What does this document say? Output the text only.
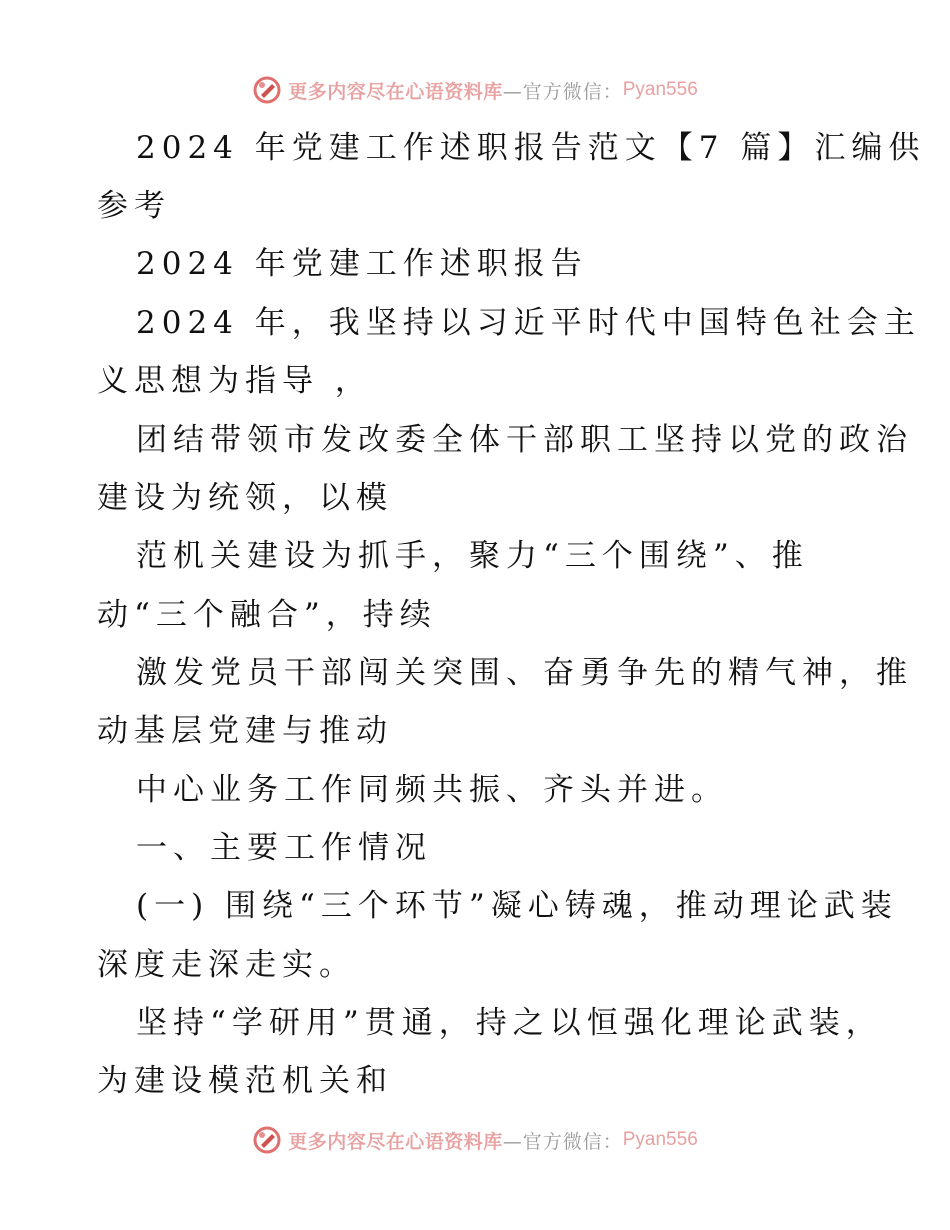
更多内容尽在心语资料库 —官方微信： Pyan556
2024 年党建工作述职报告范文【7 篇】汇编供
参考
2024 年党建工作述职报告
2024 年，我坚持以习近平时代中国特色社会主
义思想为指导 ，
团结带领市发改委全体干部职工坚持以党的政治
建设为统领，以模
范机关建设为抓手，聚力“三个围绕”、推
动“三个融合”，持续
激发党员干部闯关突围、奋勇争先的精气神，推
动基层党建与推动
中心业务工作同频共振、齐头并进。
一、主要工作情况
(一) 围绕“三个环节”凝心铸魂，推动理论武装
深度走深走实。
坚持“学研用”贯通，持之以恒强化理论武装，
为建设模范机关和
更多内容尽在心语资料库 —官方微信： Pyan556
